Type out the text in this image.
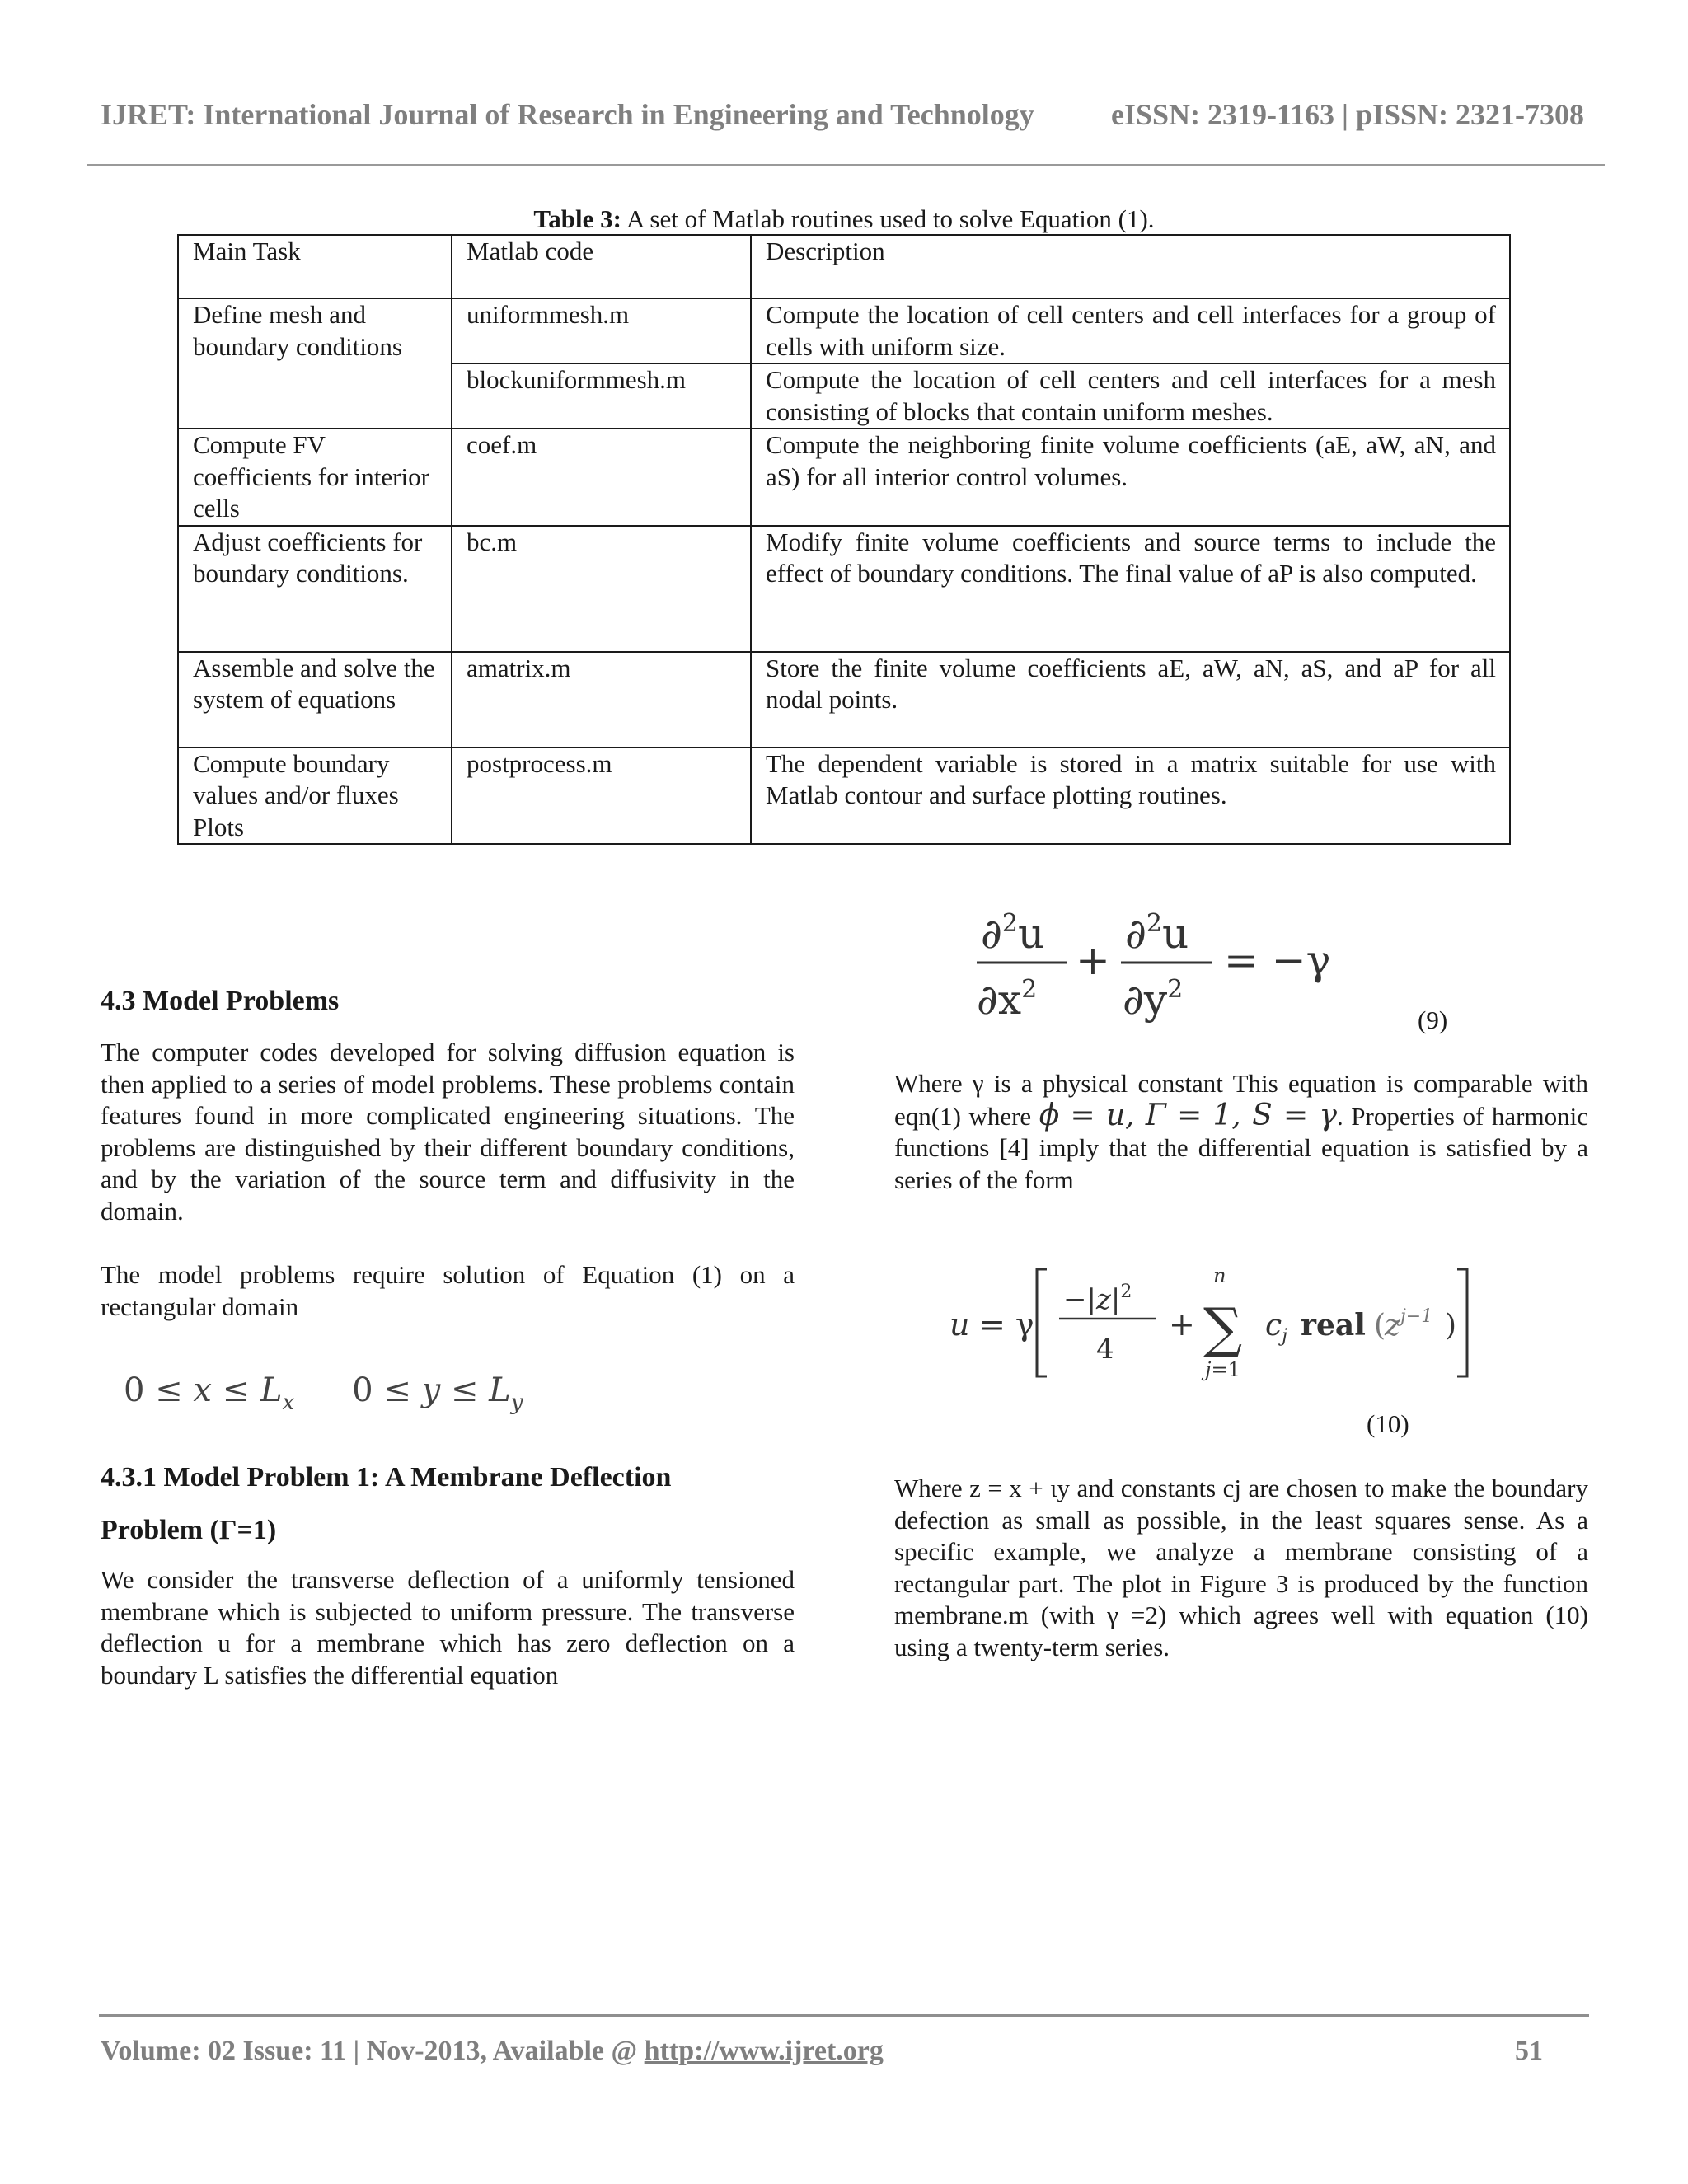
IJRET: International Journal of Research in Engineering and Technology	eISSN: 2319-1163 | pISSN: 2321-7308
Table 3: A set of Matlab routines used to solve Equation (1).
Main Task	Matlab code	Description
Define mesh and boundary conditions	uniformmesh.m	Compute the location of cell centers and cell interfaces for a group of cells with uniform size.
	blockuniformmesh.m	Compute the location of cell centers and cell interfaces for a mesh consisting of blocks that contain uniform meshes.
Compute FV coefficients for interior cells	coef.m	Compute the neighboring finite volume coefficients (aE, aW, aN, and aS) for all interior control volumes.
Adjust coefficients for boundary conditions.	bc.m	Modify finite volume coefficients and source terms to include the effect of boundary conditions. The final value of aP is also computed.
Assemble and solve the system of equations	amatrix.m	Store the finite volume coefficients aE, aW, aN, aS, and aP for all nodal points.
Compute boundary values and/or fluxes Plots	postprocess.m	The dependent variable is stored in a matrix suitable for use with Matlab contour and surface plotting routines.
4.3 Model Problems
The computer codes developed for solving diffusion equation is then applied to a series of model problems. These problems contain features found in more complicated engineering situations. The problems are distinguished by their different boundary conditions, and by the variation of the source term and diffusivity in the domain.
The model problems require solution of Equation (1) on a rectangular domain
$0 \le x \le L_x$ $0 \le y \le L_y$
4.3.1 Model Problem 1: A Membrane Deflection
Problem (Γ=1)
We consider the transverse deflection of a uniformly tensioned membrane which is subjected to uniform pressure. The transverse deflection u for a membrane which has zero deflection on a boundary L satisfies the differential equation
∂$^2$u
$\partial x^2$
+
∂$^2$u
$\partial y^2$
= −γ
(9)
Where γ is a physical constant This equation is comparable with eqn(1) where ϕ = u, Γ = 1, S = γ. Properties of harmonic functions [4] imply that the differential equation is satisfied by a series of the form
u = γ
$-|z|^2$
4
+ ∑
n
j=1
$c_j$ real (
$z^{j-1}$ )
(10)
Where z = x + ιy and constants cj are chosen to make the boundary defection as small as possible, in the least squares sense. As a specific example, we analyze a membrane consisting of a rectangular part. The plot in Figure 3 is produced by the function membrane.m (with γ =2) which agrees well with equation (10) using a twenty-term series.
Volume: 02 Issue: 11 | Nov-2013, Available @ http://www.ijret.org	51
